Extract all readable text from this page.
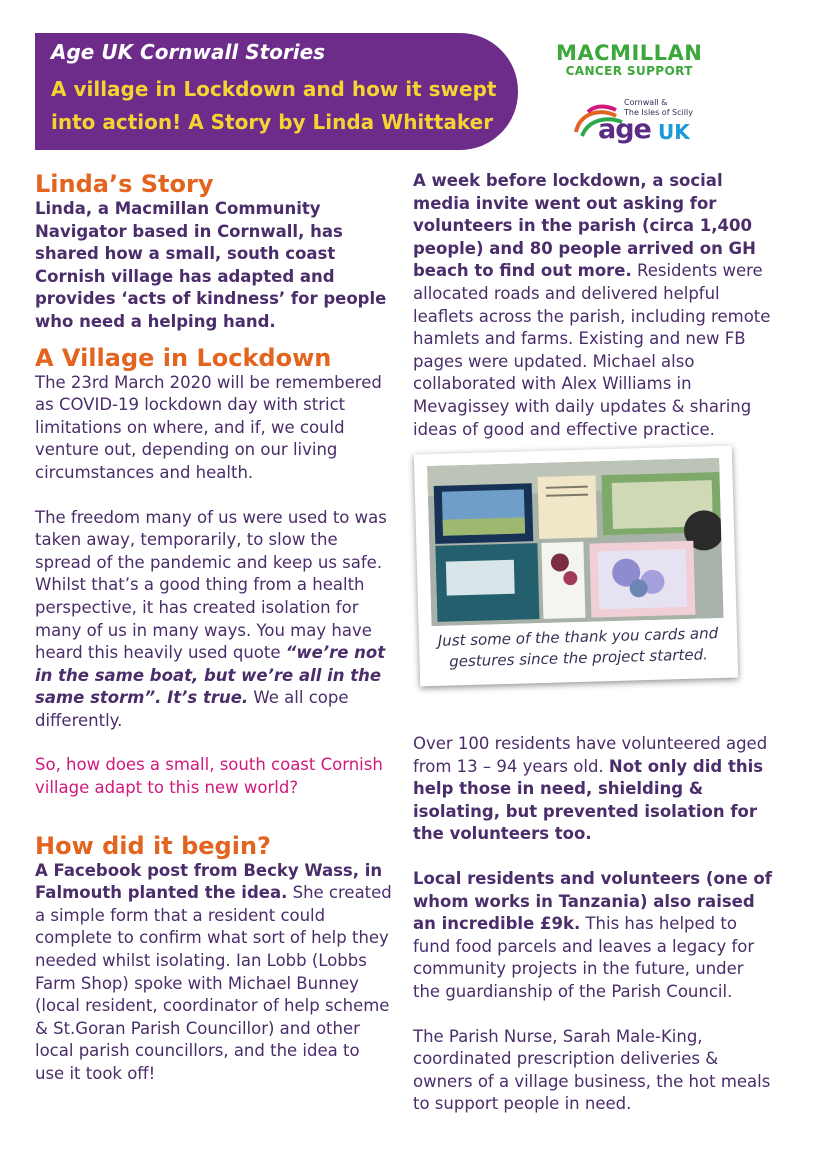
Age UK Cornwall Stories
A village in Lockdown and how it swept
into action! A Story by Linda Whittaker
MACMILLAN
CANCER SUPPORT
Cornwall &
The Isles of Scilly
age UK
Linda’s Story

Linda, a Macmillan Community Navigator based in Cornwall, has shared how a small, south coast Cornish village has adapted and provides ‘acts of kindness’ for people who need a helping hand.

A Village in Lockdown

The 23rd March 2020 will be remembered as COVID-19 lockdown day with strict limitations on where, and if, we could venture out, depending on our living circumstances and health.

The freedom many of us were used to was taken away, temporarily, to slow the spread of the pandemic and keep us safe. Whilst that’s a good thing from a health perspective, it has created isolation for many of us in many ways. You may have heard this heavily used quote “we’re not in the same boat, but we’re all in the same storm”. It’s true. We all cope differently.

So, how does a small, south coast Cornish village adapt to this new world?

How did it begin?

A Facebook post from Becky Wass, in Falmouth planted the idea. She created a simple form that a resident could complete to confirm what sort of help they needed whilst isolating. Ian Lobb (Lobbs Farm Shop) spoke with Michael Bunney (local resident, coordinator of help scheme & St.Goran Parish Councillor) and other local parish councillors, and the idea to use it took off!

A week before lockdown, a social media invite went out asking for volunteers in the parish (circa 1,400 people) and 80 people arrived on GH beach to find out more. Residents were allocated roads and delivered helpful leaflets across the parish, including remote hamlets and farms. Existing and new FB pages were updated. Michael also collaborated with Alex Williams in Mevagissey with daily updates & sharing ideas of good and effective practice.

Just some of the thank you cards and gestures since the project started.

Over 100 residents have volunteered aged from 13 – 94 years old. Not only did this help those in need, shielding & isolating, but prevented isolation for the volunteers too.

Local residents and volunteers (one of whom works in Tanzania) also raised an incredible £9k. This has helped to fund food parcels and leaves a legacy for community projects in the future, under the guardianship of the Parish Council.

The Parish Nurse, Sarah Male-King, coordinated prescription deliveries & owners of a village business, the hot meals to support people in need.
